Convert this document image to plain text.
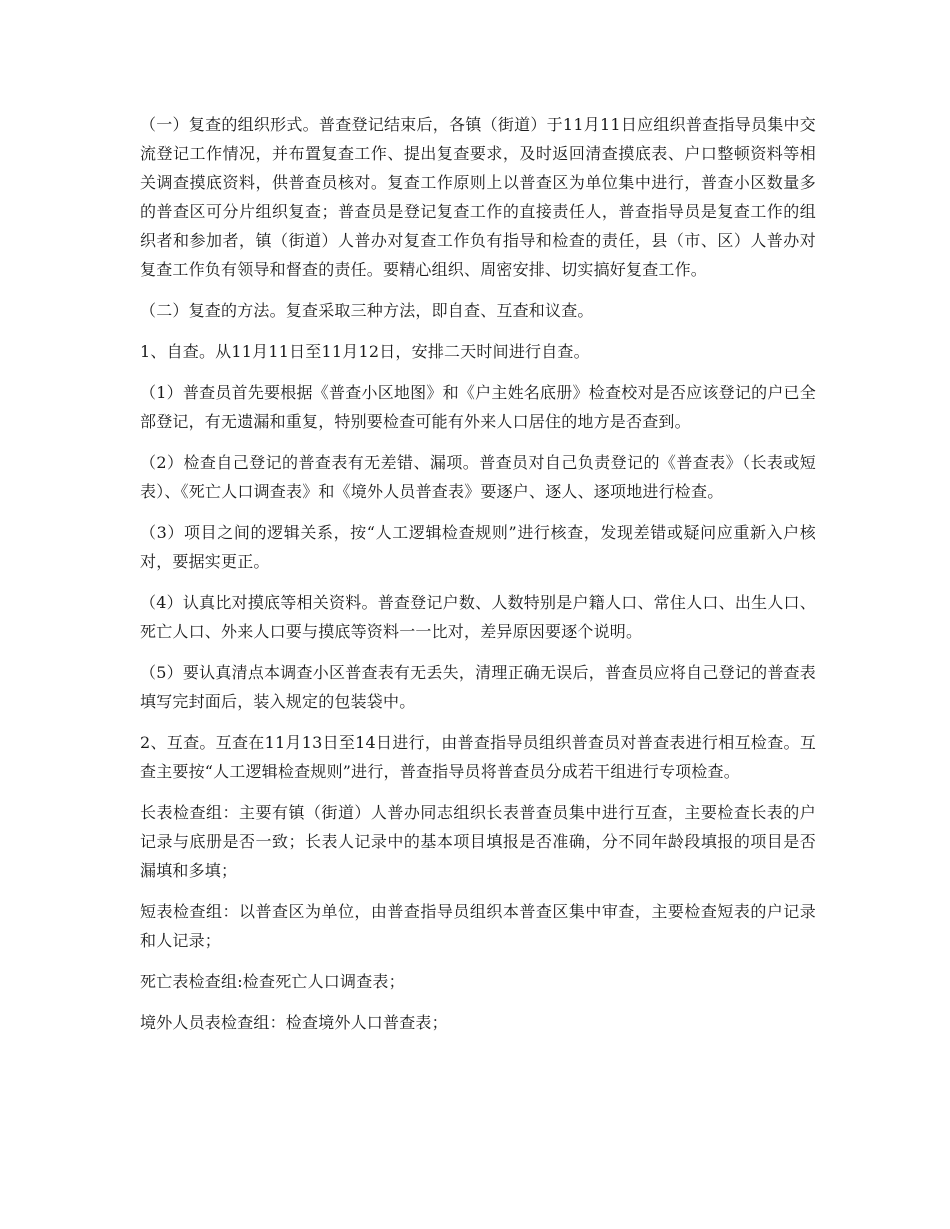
（一）复查的组织形式。普查登记结束后，各镇（街道）于11月11日应组织普查指导员集中交流登记工作情况，并布置复查工作、提出复查要求，及时返回清查摸底表、户口整顿资料等相关调查摸底资料，供普查员核对。复查工作原则上以普查区为单位集中进行，普查小区数量多的普查区可分片组织复查；普查员是登记复查工作的直接责任人，普查指导员是复查工作的组织者和参加者，镇（街道）人普办对复查工作负有指导和检查的责任，县（市、区）人普办对复查工作负有领导和督查的责任。要精心组织、周密安排、切实搞好复查工作。

（二）复查的方法。复查采取三种方法，即自查、互查和议查。

1、自查。从11月11日至11月12日，安排二天时间进行自查。

（1）普查员首先要根据《普查小区地图》和《户主姓名底册》检查校对是否应该登记的户已全部登记，有无遗漏和重复，特别要检查可能有外来人口居住的地方是否查到。

（2）检查自己登记的普查表有无差错、漏项。普查员对自己负责登记的《普查表》（长表或短表）、《死亡人口调查表》和《境外人员普查表》要逐户、逐人、逐项地进行检查。

（3）项目之间的逻辑关系，按“人工逻辑检查规则”进行核查，发现差错或疑问应重新入户核对，要据实更正。

（4）认真比对摸底等相关资料。普查登记户数、人数特别是户籍人口、常住人口、出生人口、死亡人口、外来人口要与摸底等资料一一比对，差异原因要逐个说明。

（5）要认真清点本调查小区普查表有无丢失，清理正确无误后，普查员应将自己登记的普查表填写完封面后，装入规定的包装袋中。

2、互查。互查在11月13日至14日进行，由普查指导员组织普查员对普查表进行相互检查。互查主要按“人工逻辑检查规则”进行，普查指导员将普查员分成若干组进行专项检查。

长表检查组：主要有镇（街道）人普办同志组织长表普查员集中进行互查，主要检查长表的户记录与底册是否一致；长表人记录中的基本项目填报是否准确，分不同年龄段填报的项目是否漏填和多填；

短表检查组：以普查区为单位，由普查指导员组织本普查区集中审查，主要检查短表的户记录和人记录；

死亡表检查组:检查死亡人口调查表；

境外人员表检查组：检查境外人口普查表；
